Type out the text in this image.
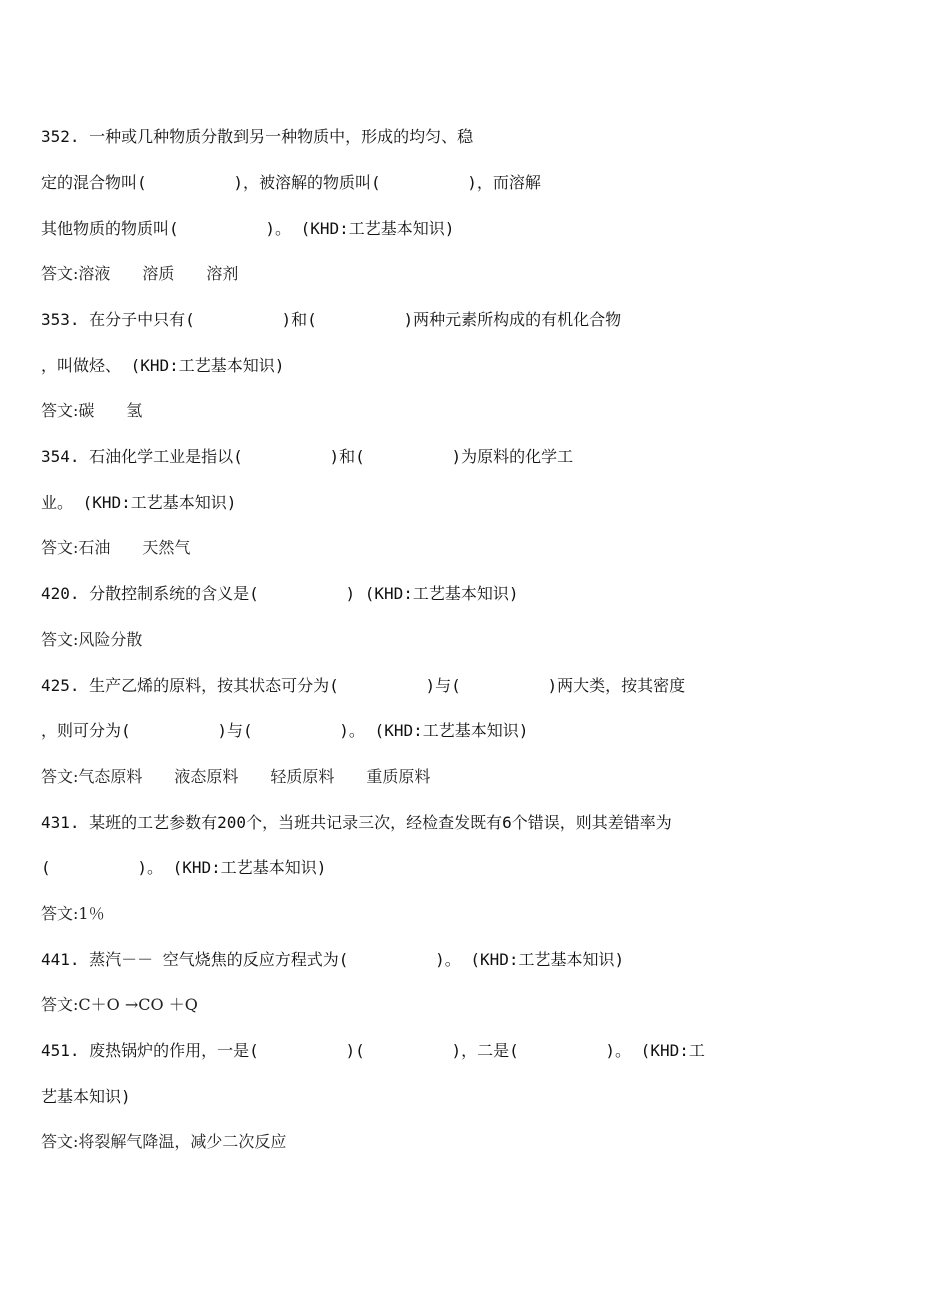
352. 一种或几种物质分散到另一种物质中，形成的均匀、稳
定的混合物叫(         )，被溶解的物质叫(         )，而溶解
其他物质的物质叫(         )。 (KHD:工艺基本知识)
答文:溶液　　溶质　　溶剂
353. 在分子中只有(         )和(         )两种元素所构成的有机化合物
，叫做烃、 (KHD:工艺基本知识)
答文:碳　　氢
354. 石油化学工业是指以(         )和(         )为原料的化学工
业。 (KHD:工艺基本知识)
答文:石油　　天然气
420. 分散控制系统的含义是(         ) (KHD:工艺基本知识)
答文:风险分散
425. 生产乙烯的原料，按其状态可分为(         )与(         )两大类，按其密度
，则可分为(         )与(         )。 (KHD:工艺基本知识)
答文:气态原料　　液态原料　　轻质原料　　重质原料
431. 某班的工艺参数有200个，当班共记录三次，经检查发既有6个错误，则其差错率为
(         )。 (KHD:工艺基本知识)
答文:1％
441. 蒸汽－－ 空气烧焦的反应方程式为(         )。 (KHD:工艺基本知识)
答文:C＋O →CO ＋Q
451. 废热锅炉的作用，一是(         )(         )，二是(         )。 (KHD:工
艺基本知识)
答文:将裂解气降温，减少二次反应
